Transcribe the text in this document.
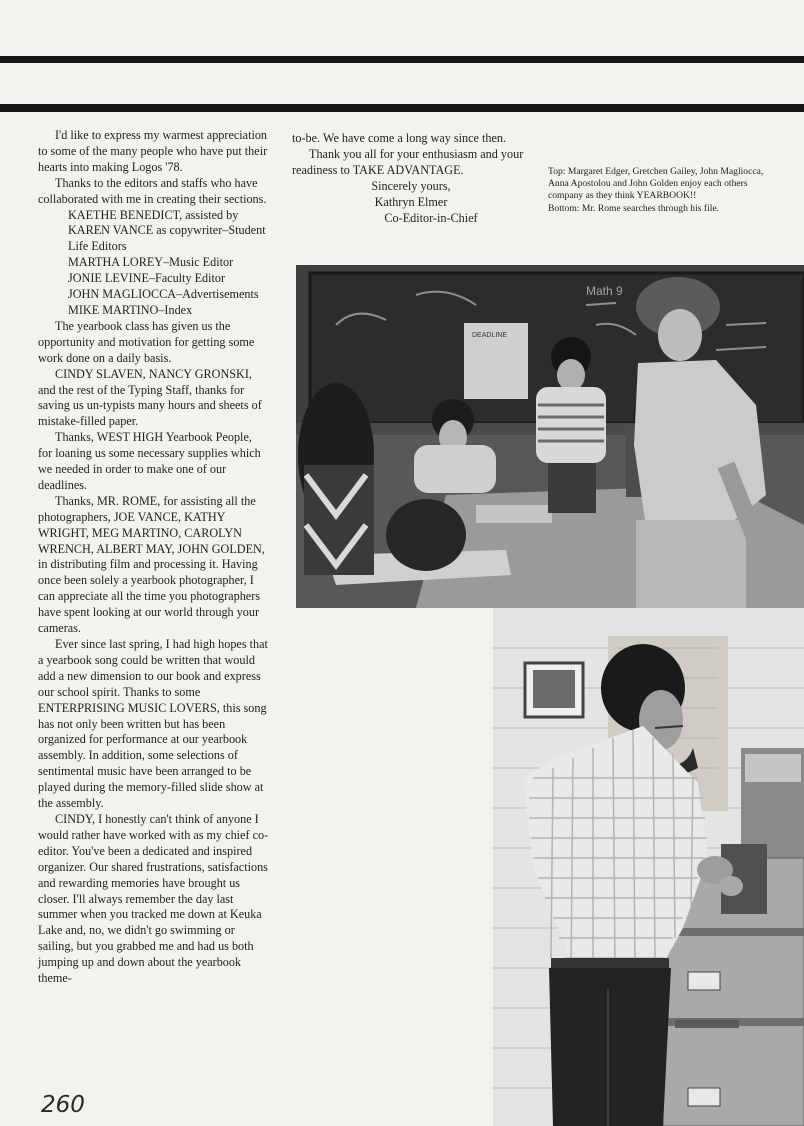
I'd like to express my warmest appreciation to some of the many people who have put their hearts into making Logos '78.

Thanks to the editors and staffs who have collaborated with me in creating their sections.

KAETHE BENEDICT, assisted by KAREN VANCE as copywriter–Student Life Editors

MARTHA LOREY–Music Editor

JONIE LEVINE–Faculty Editor

JOHN MAGLIOCCA–Advertisements

MIKE MARTINO–Index

The yearbook class has given us the opportunity and motivation for getting some work done on a daily basis.

CINDY SLAVEN, NANCY GRONSKI, and the rest of the Typing Staff, thanks for saving us un-typists many hours and sheets of mistake-filled paper.

Thanks, WEST HIGH Yearbook People, for loaning us some necessary supplies which we needed in order to make one of our deadlines.

Thanks, MR. ROME, for assisting all the photographers, JOE VANCE, KATHY WRIGHT, MEG MARTINO, CAROLYN WRENCH, ALBERT MAY, JOHN GOLDEN, in distributing film and processing it. Having once been solely a yearbook photographer, I can appreciate all the time you photographers have spent looking at our world through your cameras.

Ever since last spring, I had high hopes that a yearbook song could be written that would add a new dimension to our book and express our school spirit. Thanks to some ENTERPRISING MUSIC LOVERS, this song has not only been written but has been organized for performance at our yearbook assembly. In addition, some selections of sentimental music have been arranged to be played during the memory-filled slide show at the assembly.

CINDY, I honestly can't think of anyone I would rather have worked with as my chief co-editor. You've been a dedicated and inspired organizer. Our shared frustrations, satisfactions and rewarding memories have brought us closer. I'll always remember the day last summer when you tracked me down at Keuka Lake and, no, we didn't go swimming or sailing, but you grabbed me and had us both jumping up and down about the yearbook theme-

to-be. We have come a long way since then.

Thank you all for your enthusiasm and your readiness to TAKE ADVANTAGE.

Sincerely yours,

Kathryn Elmer

Co-Editor-in-Chief

Top: Margaret Edger, Gretchen Gailey, John Magliocca, Anna Apostolou and John Golden enjoy each others company as they think YEARBOOK!!

Bottom: Mr. Rome searches through his file.

Math 9
DEADLINE
260
